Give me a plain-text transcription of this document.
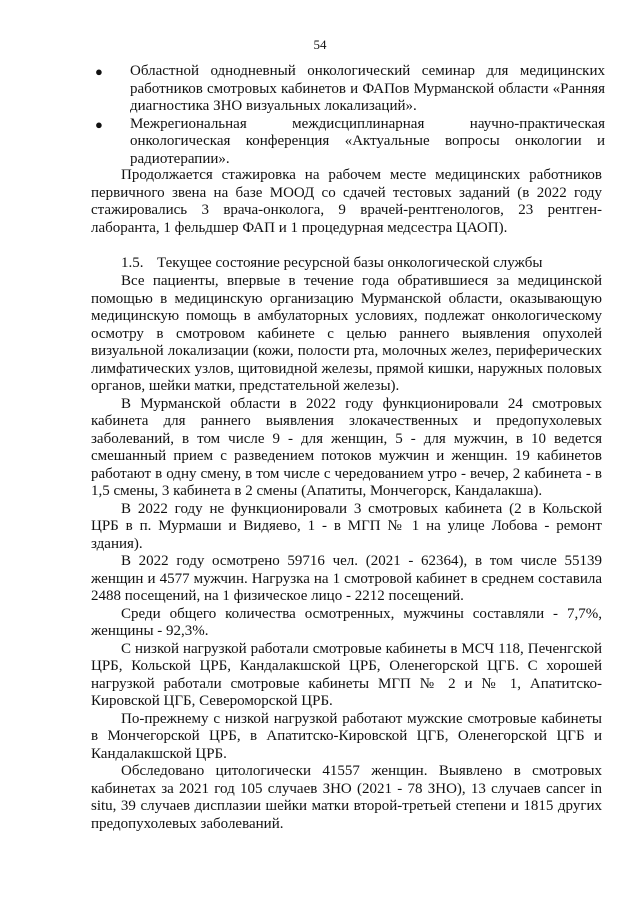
54
● Областной однодневный онкологический семинар для медицинских работников смотровых кабинетов и ФАПов Мурманской области «Ранняя диагностика ЗНО визуальных локализаций».
● Межрегиональная междисциплинарная научно-практическая онкологическая конференция «Актуальные вопросы онкологии и радиотерапии».

Продолжается стажировка на рабочем месте медицинских работников первичного звена на базе МООД со сдачей тестовых заданий (в 2022 году стажировались 3 врача-онколога, 9 врачей-рентгенологов, 23 рентген-лаборанта, 1 фельдшер ФАП и 1 процедурная медсестра ЦАОП).

1.5. Текущее состояние ресурсной базы онкологической службы

Все пациенты, впервые в течение года обратившиеся за медицинской помощью в медицинскую организацию Мурманской области, оказывающую медицинскую помощь в амбулаторных условиях, подлежат онкологическому осмотру в смотровом кабинете с целью раннего выявления опухолей визуальной локализации (кожи, полости рта, молочных желез, периферических лимфатических узлов, щитовидной железы, прямой кишки, наружных половых органов, шейки матки, предстательной железы).

В Мурманской области в 2022 году функционировали 24 смотровых кабинета для раннего выявления злокачественных и предопухолевых заболеваний, в том числе 9 - для женщин, 5 - для мужчин, в 10 ведется смешанный прием с разведением потоков мужчин и женщин. 19 кабинетов работают в одну смену, в том числе с чередованием утро - вечер, 2 кабинета - в 1,5 смены, 3 кабинета в 2 смены (Апатиты, Мончегорск, Кандалакша).

В 2022 году не функционировали 3 смотровых кабинета (2 в Кольской ЦРБ в п. Мурмаши и Видяево, 1 - в МГП № 1 на улице Лобова - ремонт здания).

В 2022 году осмотрено 59716 чел. (2021 - 62364), в том числе 55139 женщин и 4577 мужчин. Нагрузка на 1 смотровой кабинет в среднем составила 2488 посещений, на 1 физическое лицо - 2212 посещений.

Среди общего количества осмотренных, мужчины составляли - 7,7%, женщины - 92,3%.

С низкой нагрузкой работали смотровые кабинеты в МСЧ 118, Печенгской ЦРБ, Кольской ЦРБ, Кандалакшской ЦРБ, Оленегорской ЦГБ. С хорошей нагрузкой работали смотровые кабинеты МГП № 2 и № 1, Апатитско-Кировской ЦГБ, Североморской ЦРБ.

По-прежнему с низкой нагрузкой работают мужские смотровые кабинеты в Мончегорской ЦРБ, в Апатитско-Кировской ЦГБ, Оленегорской ЦГБ и Кандалакшской ЦРБ.

Обследовано цитологически 41557 женщин. Выявлено в смотровых кабинетах за 2021 год 105 случаев ЗНО (2021 - 78 ЗНО), 13 случаев cancer in situ, 39 случаев дисплазии шейки матки второй-третьей степени и 1815 других предопухолевых заболеваний.
